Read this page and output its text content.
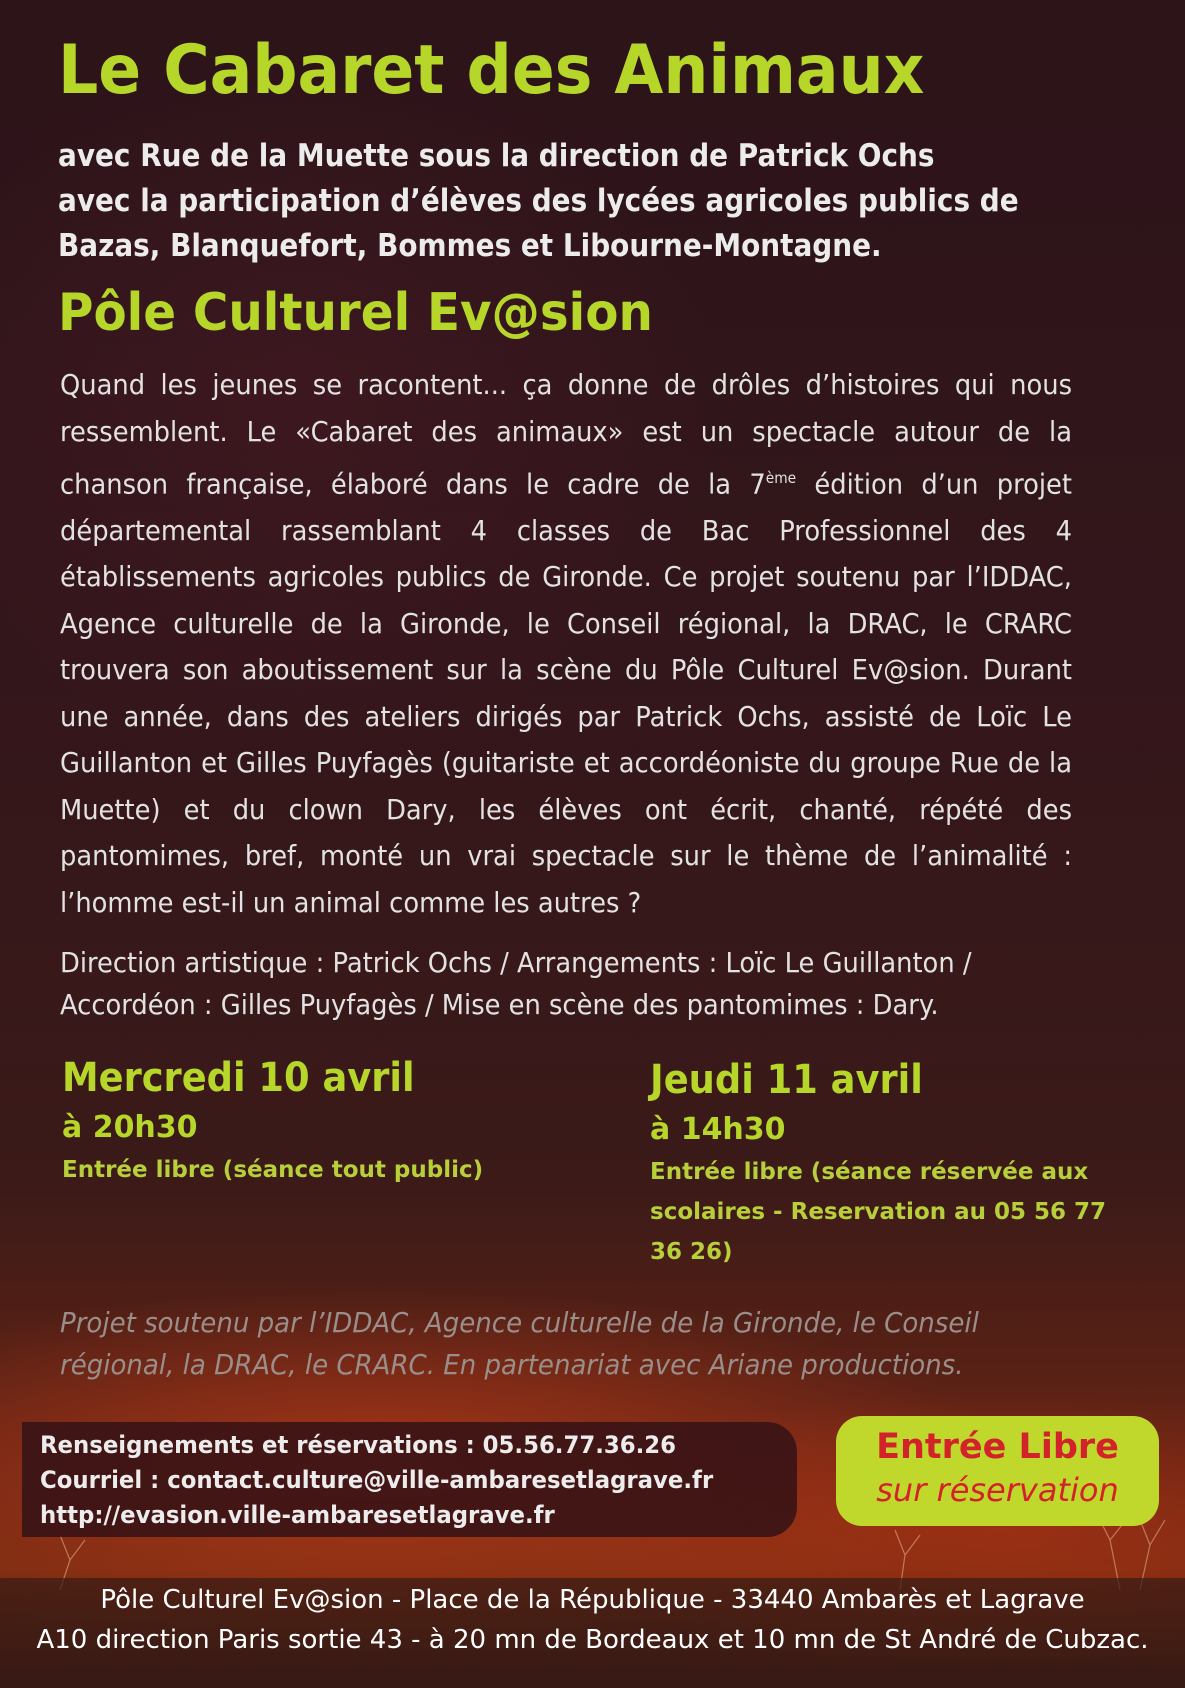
Le Cabaret des Animaux
avec Rue de la Muette sous la direction de Patrick Ochs
avec la participation d’élèves des lycées agricoles publics de
Bazas, Blanquefort, Bommes et Libourne-Montagne.
Pôle Culturel Ev@sion
Quand les jeunes se racontent... ça donne de drôles d’histoires qui nous ressemblent. Le «Cabaret des animaux» est un spectacle autour de la chanson française, élaboré dans le cadre de la 7ème édition d’un projet départemental rassemblant 4 classes de Bac Professionnel des 4 établissements agricoles publics de Gironde. Ce projet soutenu par l’IDDAC, Agence culturelle de la Gironde, le Conseil régional, la DRAC, le CRARC trouvera son aboutissement sur la scène du Pôle Culturel Ev@sion. Durant une année, dans des ateliers dirigés par Patrick Ochs, assisté de Loïc Le Guillanton et Gilles Puyfagès (guitariste et accordéoniste du groupe Rue de la Muette) et du clown Dary, les élèves ont écrit, chanté, répété des pantomimes, bref, monté un vrai spectacle sur le thème de l’animalité : l’homme est-il un animal comme les autres ?
Direction artistique : Patrick Ochs / Arrangements : Loïc Le Guillanton /
Accordéon : Gilles Puyfagès / Mise en scène des pantomimes : Dary.
Mercredi 10 avril
à 20h30
Entrée libre (séance tout public)
Jeudi 11 avril
à 14h30
Entrée libre (séance réservée aux scolaires - Reservation au 05 56 77 36 26)
Projet soutenu par l’IDDAC, Agence culturelle de la Gironde, le Conseil
régional, la DRAC, le CRARC. En partenariat avec Ariane productions.
Renseignements et réservations : 05.56.77.36.26
Courriel : contact.culture@ville-ambaresetlagrave.fr
http://evasion.ville-ambaresetlagrave.fr
Entrée Libre
sur réservation
Pôle Culturel Ev@sion - Place de la République - 33440 Ambarès et Lagrave
A10 direction Paris sortie 43 - à 20 mn de Bordeaux et 10 mn de St André de Cubzac.
